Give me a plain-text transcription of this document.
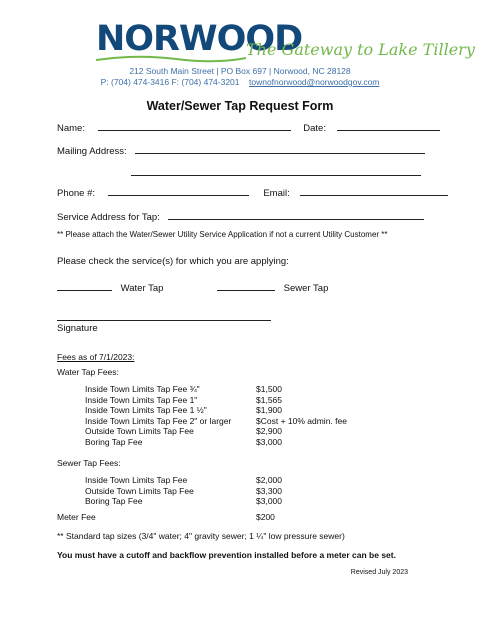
NORWOOD
The Gateway to Lake Tillery
212 South Main Street | PO Box 697 | Norwood, NC 28128
P: (704) 474-3416 F: (704) 474-3201 townofnorwood@norwoodgov.com
Water/Sewer Tap Request Form
Name:	Date:
Mailing Address:
Phone #:	Email:
Service Address for Tap:
** Please attach the Water/Sewer Utility Service Application if not a current Utility Customer **
Please check the service(s) for which you are applying:
Water Tap	Sewer Tap
Signature
Fees as of 7/1/2023:
Water Tap Fees:
Inside Town Limits Tap Fee ¾"	$1,500
Inside Town Limits Tap Fee 1"	$1,565
Inside Town Limits Tap Fee 1 ½"	$1,900
Inside Town Limits Tap Fee 2" or larger	$Cost + 10% admin. fee
Outside Town Limits Tap Fee	$2,900
Boring Tap Fee	$3,000
Sewer Tap Fees:
Inside Town Limits Tap Fee	$2,000
Outside Town Limits Tap Fee	$3,300
Boring Tap Fee	$3,000
Meter Fee	$200
** Standard tap sizes (3/4" water; 4" gravity sewer; 1 ¼" low pressure sewer)
You must have a cutoff and backflow prevention installed before a meter can be set.
Revised July 2023
